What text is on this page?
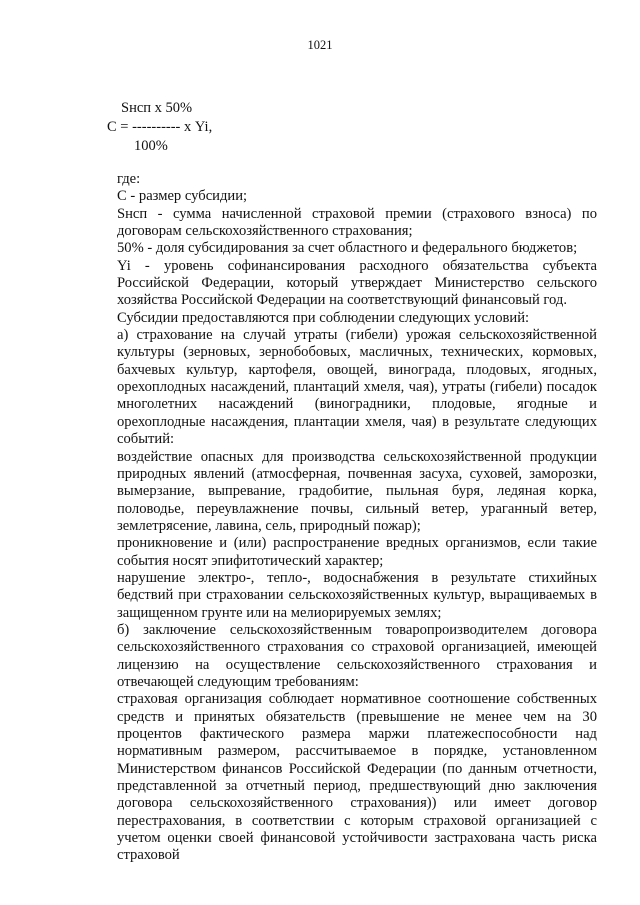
1021
Sнсп х 50%
С = ---------- х Yi,
100%

где:

С - размер субсидии;

Sнсп - сумма начисленной страховой премии (страхового взноса) по договорам сельскохозяйственного страхования;

50% - доля субсидирования за счет областного и федерального бюджетов;

Yi - уровень софинансирования расходного обязательства субъекта Российской Федерации, который утверждает Министерство сельского хозяйства Российской Федерации на соответствующий финансовый год.

Субсидии предоставляются при соблюдении следующих условий:

а) страхование на случай утраты (гибели) урожая сельскохозяйственной культуры (зерновых, зернобобовых, масличных, технических, кормовых, бахчевых культур, картофеля, овощей, винограда, плодовых, ягодных, орехоплодных насаждений, плантаций хмеля, чая), утраты (гибели) посадок многолетних насаждений (виноградники, плодовые, ягодные и орехоплодные насаждения, плантации хмеля, чая) в результате следующих событий:

воздействие опасных для производства сельскохозяйственной продукции природных явлений (атмосферная, почвенная засуха, суховей, заморозки, вымерзание, выпревание, градобитие, пыльная буря, ледяная корка, половодье, переувлажнение почвы, сильный ветер, ураганный ветер, землетрясение, лавина, сель, природный пожар);

проникновение и (или) распространение вредных организмов, если такие события носят эпифитотический характер;

нарушение электро-, тепло-, водоснабжения в результате стихийных бедствий при страховании сельскохозяйственных культур, выращиваемых в защищенном грунте или на мелиорируемых землях;

б) заключение сельскохозяйственным товаропроизводителем договора сельскохозяйственного страхования со страховой организацией, имеющей лицензию на осуществление сельскохозяйственного страхования и отвечающей следующим требованиям:

страховая организация соблюдает нормативное соотношение собственных средств и принятых обязательств (превышение не менее чем на 30 процентов фактического размера маржи платежеспособности над нормативным размером, рассчитываемое в порядке, установленном Министерством финансов Российской Федерации (по данным отчетности, представленной за отчетный период, предшествующий дню заключения договора сельскохозяйственного страхования)) или имеет договор перестрахования, в соответствии с которым страховой организацией с учетом оценки своей финансовой устойчивости застрахована часть риска страховой
